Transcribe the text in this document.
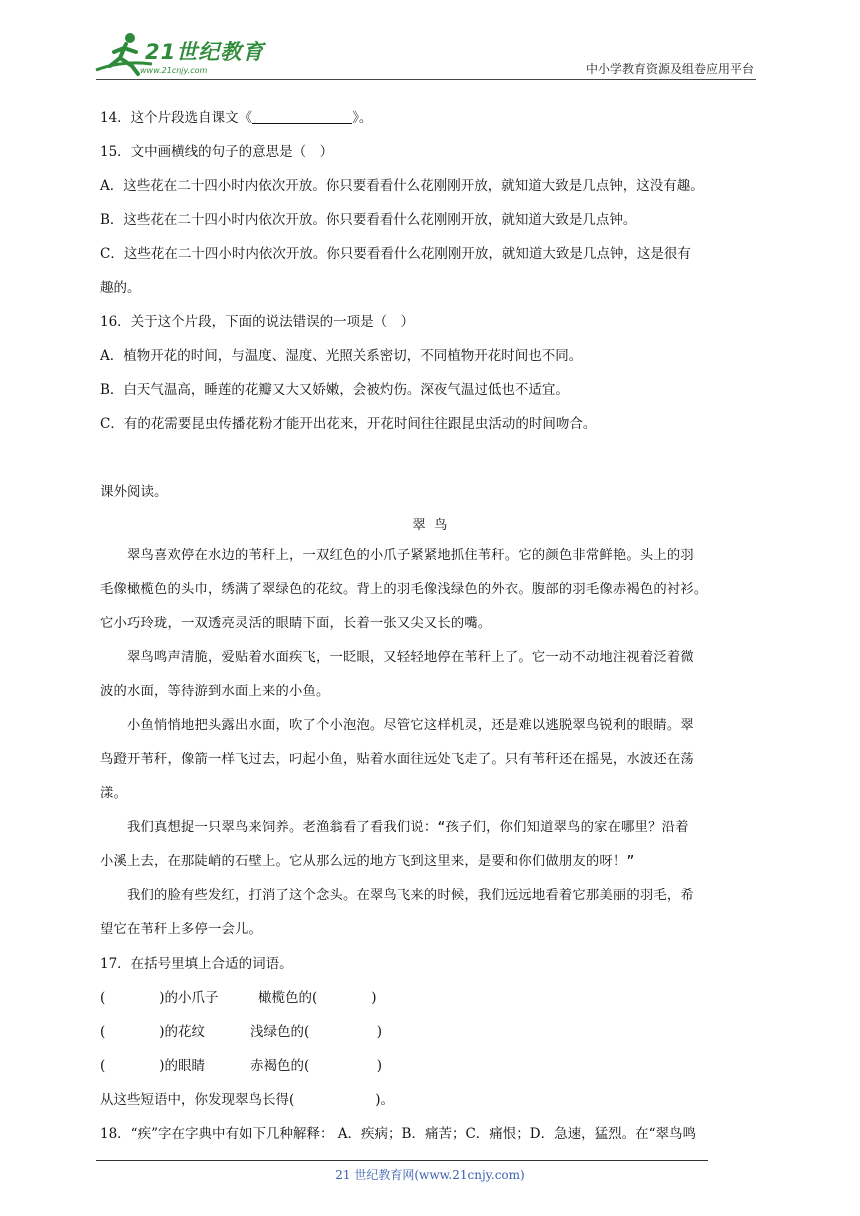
21世纪教育
www.21cnjy.com	中小学教育资源及组卷应用平台
14．这个片段选自课文《	》。
15．文中画横线的句子的意思是（　）
A．这些花在二十四小时内依次开放。你只要看看什么花刚刚开放，就知道大致是几点钟，这没有趣。
B．这些花在二十四小时内依次开放。你只要看看什么花刚刚开放，就知道大致是几点钟。
C．这些花在二十四小时内依次开放。你只要看看什么花刚刚开放，就知道大致是几点钟，这是很有
趣的。
16．关于这个片段，下面的说法错误的一项是（　）
A．植物开花的时间，与温度、湿度、光照关系密切，不同植物开花时间也不同。
B．白天气温高，睡莲的花瓣又大又娇嫩，会被灼伤。深夜气温过低也不适宜。
C．有的花需要昆虫传播花粉才能开出花来，开花时间往往跟昆虫活动的时间吻合。
课外阅读。
翠 鸟
　　翠鸟喜欢停在水边的苇秆上，一双红色的小爪子紧紧地抓住苇秆。它的颜色非常鲜艳。头上的羽
毛像橄榄色的头巾，绣满了翠绿色的花纹。背上的羽毛像浅绿色的外衣。腹部的羽毛像赤褐色的衬衫。
它小巧玲珑，一双透亮灵活的眼睛下面，长着一张又尖又长的嘴。
　　翠鸟鸣声清脆，爱贴着水面疾飞，一眨眼，又轻轻地停在苇秆上了。它一动不动地注视着泛着微
波的水面，等待游到水面上来的小鱼。
　　小鱼悄悄地把头露出水面，吹了个小泡泡。尽管它这样机灵，还是难以逃脱翠鸟锐利的眼睛。翠
鸟蹬开苇秆，像箭一样飞过去，叼起小鱼，贴着水面往远处飞走了。只有苇秆还在摇晃，水波还在荡
漾。
　　我们真想捉一只翠鸟来饲养。老渔翁看了看我们说：“孩子们，你们知道翠鸟的家在哪里？沿着
小溪上去，在那陡峭的石壁上。它从那么远的地方飞到这里来，是要和你们做朋友的呀！”
　　我们的脸有些发红，打消了这个念头。在翠鸟飞来的时候，我们远远地看着它那美丽的羽毛，希
望它在苇秆上多停一会儿。
17．在括号里填上合适的词语。
(　　　　)的小爪子	橄榄色的(　　　　)
(　　　　)的花纹	浅绿色的(　　　　　)
(　　　　)的眼睛	赤褐色的(　　　　　)
从这些短语中，你发现翠鸟长得(　　　　　　)。
18．“疾”字在字典中有如下几种解释： A．疾病；B．痛苦；C．痛恨；D．急速，猛烈。在“翠鸟鸣
21 世纪教育网(www.21cnjy.com)
